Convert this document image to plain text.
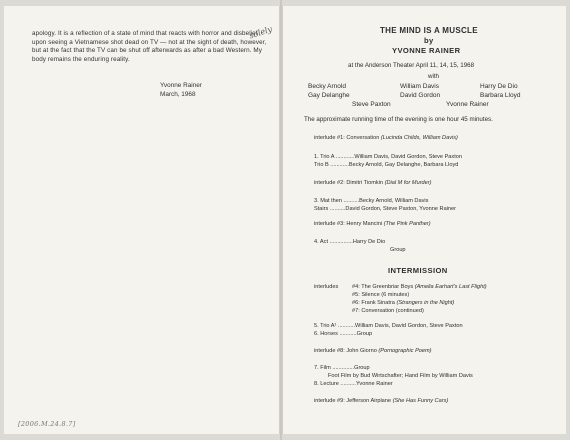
apology. It is a reflection of a state of mind that reacts with horror and disbelief upon seeing a Vietnamese shot dead on TV — not at the sight of death, however, but at the fact that the TV can be shut off afterwards as after a bad Western. My body remains the enduring reality.
solely
Yvonne Rainer
March, 1968
[2006.M.24.8.7]
THE MIND IS A MUSCLE
by
YVONNE RAINER
at the Anderson Theater April 11, 14, 15, 1968
with
Becky Arnold
Gay Delanghe
Steve Paxton
William Davis
David Gordon
Yvonne Rainer
Harry De Dio
Barbara Lloyd
The approximate running time of the evening is one hour 45 minutes.
interlude #1: Conversation (Lucinda Childs, William Davis)
1. Trio A ............William Davis, David Gordon, Steve Paxton
Trio B ............Becky Arnold, Gay Delanghe, Barbara Lloyd
interlude #2: Dimitri Tiomkin (Dial M for Murder)
3. Mat then ..........Becky Arnold, William Davis
Stairs ..........David Gordon, Steve Paxton, Yvonne Rainer
interlude #3: Henry Mancini (The Pink Panther)
4. Act ...............Harry De Dio
Group
INTERMISSION
interludes #4: The Greenbriar Boys (Amelia Earhart's Last Flight)
#5: Silence (6 minutes)
#6: Frank Sinatra (Strangers in the Night)
#7: Conversation (continued)
5. Trio A¹ ...........William Davis, David Gordon, Steve Paxton
6. Horses ...........Group
interlude #8: John Giorno (Pornographic Poem)
7. Film ..............Group
Foot Film by Bud Wirtschafter; Hand Film by William Davis
8. Lecture ..........Yvonne Rainer
interlude #9: Jefferson Airplane (She Has Funny Cars)
